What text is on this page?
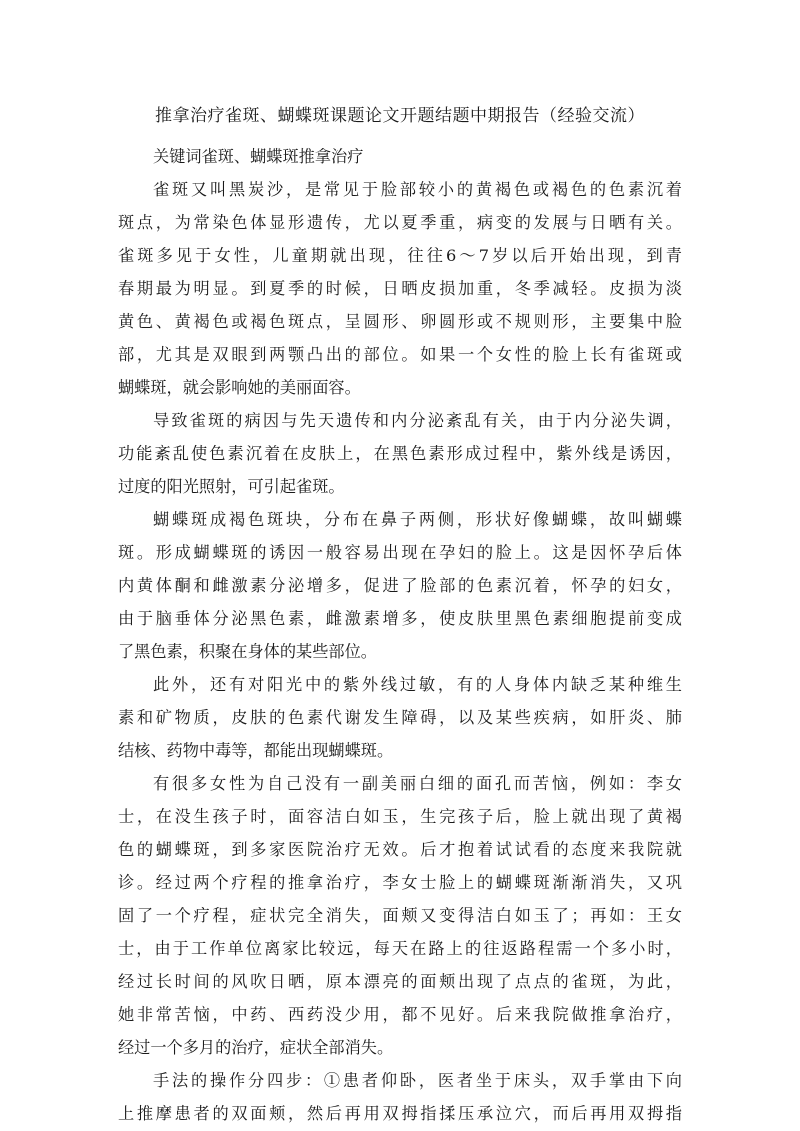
推拿治疗雀斑、蝴蝶斑课题论文开题结题中期报告（经验交流）
关键词雀斑、蝴蝶斑推拿治疗
雀斑又叫黑炭沙，是常见于脸部较小的黄褐色或褐色的色素沉着
斑点，为常染色体显形遗传，尤以夏季重，病变的发展与日晒有关。
雀斑多见于女性，儿童期就出现，往往6～7岁以后开始出现，到青
春期最为明显。到夏季的时候，日晒皮损加重，冬季减轻。皮损为淡
黄色、黄褐色或褐色斑点，呈圆形、卵圆形或不规则形，主要集中脸
部，尤其是双眼到两颚凸出的部位。如果一个女性的脸上长有雀斑或
蝴蝶斑，就会影响她的美丽面容。
导致雀斑的病因与先天遗传和内分泌紊乱有关，由于内分泌失调，
功能紊乱使色素沉着在皮肤上，在黑色素形成过程中，紫外线是诱因，
过度的阳光照射，可引起雀斑。
蝴蝶斑成褐色斑块，分布在鼻子两侧，形状好像蝴蝶，故叫蝴蝶
斑。形成蝴蝶斑的诱因一般容易出现在孕妇的脸上。这是因怀孕后体
内黄体酮和雌激素分泌增多，促进了脸部的色素沉着，怀孕的妇女，
由于脑垂体分泌黑色素，雌激素增多，使皮肤里黑色素细胞提前变成
了黑色素，积聚在身体的某些部位。
此外，还有对阳光中的紫外线过敏，有的人身体内缺乏某种维生
素和矿物质，皮肤的色素代谢发生障碍，以及某些疾病，如肝炎、肺
结核、药物中毒等，都能出现蝴蝶斑。
有很多女性为自己没有一副美丽白细的面孔而苦恼，例如：李女
士，在没生孩子时，面容洁白如玉，生完孩子后，脸上就出现了黄褐
色的蝴蝶斑，到多家医院治疗无效。后才抱着试试看的态度来我院就
诊。经过两个疗程的推拿治疗，李女士脸上的蝴蝶斑渐渐消失，又巩
固了一个疗程，症状完全消失，面颊又变得洁白如玉了；再如：王女
士，由于工作单位离家比较远，每天在路上的往返路程需一个多小时，
经过长时间的风吹日晒，原本漂亮的面颊出现了点点的雀斑，为此，
她非常苦恼，中药、西药没少用，都不见好。后来我院做推拿治疗，
经过一个多月的治疗，症状全部消失。
手法的操作分四步：①患者仰卧，医者坐于床头，双手掌由下向
上推摩患者的双面颊，然后再用双拇指揉压承泣穴，而后再用双拇指
